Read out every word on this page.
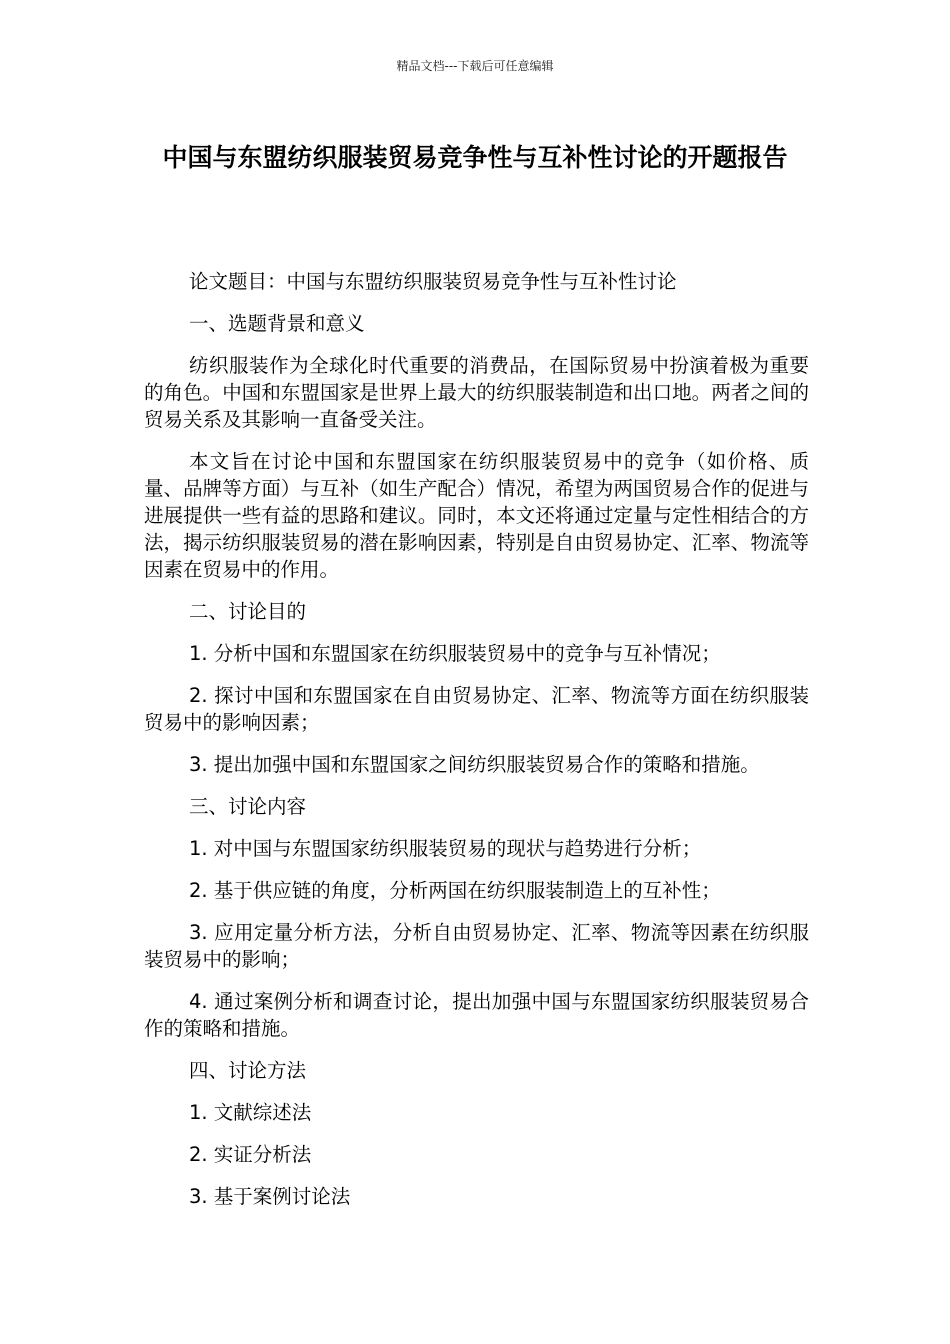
精品文档---下载后可任意编辑
中国与东盟纺织服装贸易竞争性与互补性讨论的开题报告

论文题目：中国与东盟纺织服装贸易竞争性与互补性讨论

一、选题背景和意义

纺织服装作为全球化时代重要的消费品，在国际贸易中扮演着极为重要的角色。中国和东盟国家是世界上最大的纺织服装制造和出口地。两者之间的贸易关系及其影响一直备受关注。

本文旨在讨论中国和东盟国家在纺织服装贸易中的竞争（如价格、质量、品牌等方面）与互补（如生产配合）情况，希望为两国贸易合作的促进与进展提供一些有益的思路和建议。同时，本文还将通过定量与定性相结合的方法，揭示纺织服装贸易的潜在影响因素，特别是自由贸易协定、汇率、物流等因素在贸易中的作用。

二、讨论目的

1. 分析中国和东盟国家在纺织服装贸易中的竞争与互补情况；

2. 探讨中国和东盟国家在自由贸易协定、汇率、物流等方面在纺织服装贸易中的影响因素；

3. 提出加强中国和东盟国家之间纺织服装贸易合作的策略和措施。

三、讨论内容

1. 对中国与东盟国家纺织服装贸易的现状与趋势进行分析；

2. 基于供应链的角度，分析两国在纺织服装制造上的互补性；

3. 应用定量分析方法，分析自由贸易协定、汇率、物流等因素在纺织服装贸易中的影响；

4. 通过案例分析和调查讨论，提出加强中国与东盟国家纺织服装贸易合作的策略和措施。

四、讨论方法

1. 文献综述法

2. 实证分析法

3. 基于案例讨论法
